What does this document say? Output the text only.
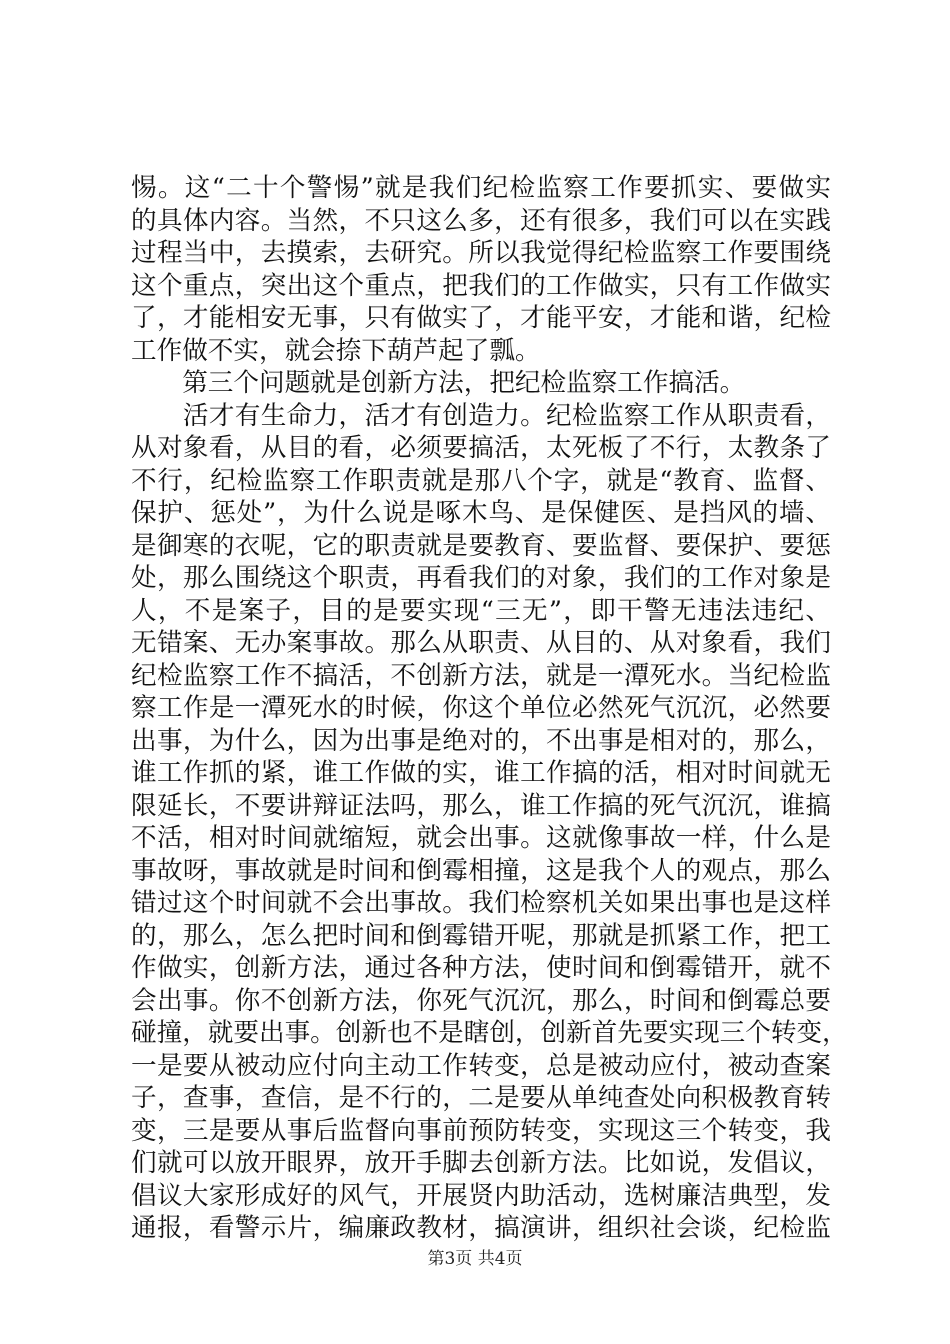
惕。这“二十个警惕”就是我们纪检监察工作要抓实、要做实
的具体内容。当然，不只这么多，还有很多，我们可以在实践
过程当中，去摸索，去研究。所以我觉得纪检监察工作要围绕
这个重点，突出这个重点，把我们的工作做实，只有工作做实
了，才能相安无事，只有做实了，才能平安，才能和谐，纪检
工作做不实，就会捺下葫芦起了瓢。
　　第三个问题就是创新方法，把纪检监察工作搞活。
　　活才有生命力，活才有创造力。纪检监察工作从职责看，
从对象看，从目的看，必须要搞活，太死板了不行，太教条了
不行，纪检监察工作职责就是那八个字，就是“教育、监督、
保护、惩处”，为什么说是啄木鸟、是保健医、是挡风的墙、
是御寒的衣呢，它的职责就是要教育、要监督、要保护、要惩
处，那么围绕这个职责，再看我们的对象，我们的工作对象是
人，不是案子，目的是要实现“三无”，即干警无违法违纪、
无错案、无办案事故。那么从职责、从目的、从对象看，我们
纪检监察工作不搞活，不创新方法，就是一潭死水。当纪检监
察工作是一潭死水的时候，你这个单位必然死气沉沉，必然要
出事，为什么，因为出事是绝对的，不出事是相对的，那么，
谁工作抓的紧，谁工作做的实，谁工作搞的活，相对时间就无
限延长，不要讲辩证法吗，那么，谁工作搞的死气沉沉，谁搞
不活，相对时间就缩短，就会出事。这就像事故一样，什么是
事故呀，事故就是时间和倒霉相撞，这是我个人的观点，那么
错过这个时间就不会出事故。我们检察机关如果出事也是这样
的，那么，怎么把时间和倒霉错开呢，那就是抓紧工作，把工
作做实，创新方法，通过各种方法，使时间和倒霉错开，就不
会出事。你不创新方法，你死气沉沉，那么，时间和倒霉总要
碰撞，就要出事。创新也不是瞎创，创新首先要实现三个转变，
一是要从被动应付向主动工作转变，总是被动应付，被动查案
子，查事，查信，是不行的，二是要从单纯查处向积极教育转
变，三是要从事后监督向事前预防转变，实现这三个转变，我
们就可以放开眼界，放开手脚去创新方法。比如说，发倡议，
倡议大家形成好的风气，开展贤内助活动，选树廉洁典型，发
通报，看警示片，编廉政教材，搞演讲，组织社会谈，纪检监
第3页 共4页
